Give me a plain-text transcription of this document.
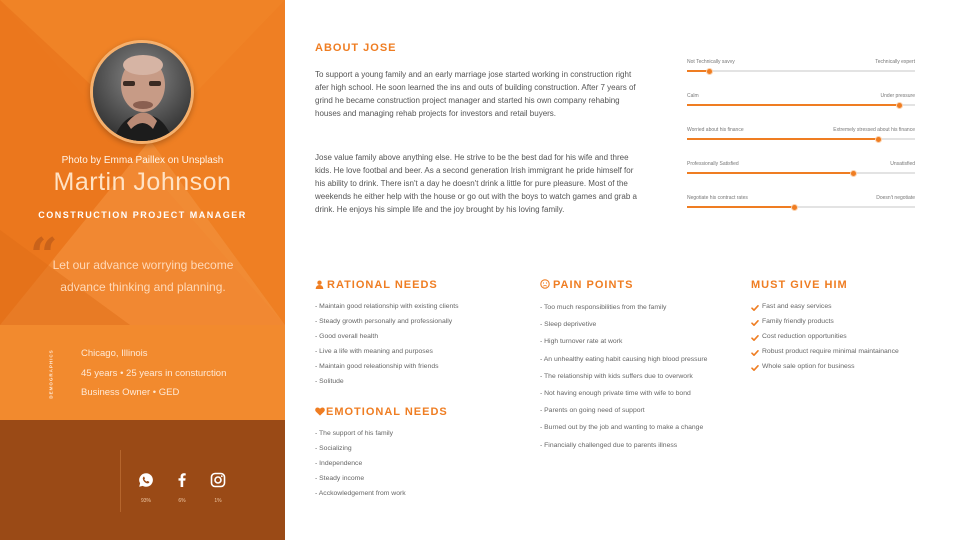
Photo by Emma Paillex on Unsplash
Martin Johnson
CONSTRUCTION PROJECT MANAGER
“
Let our advance worrying become advance thinking and planning.
DEMOGRAPHICS	Chicago, Illinois
45 years • 25 years in consturction
Business Owner • GED
93%	6%	1%
ABOUT JOSE
To support a young family and an early marriage jose started working in construction right afer high school. He soon learned the ins and outs of building construction. After 7 years of grind he became construction project manager and started his own company rehabing houses and managing rehab projects for investors and retail buyers.
Jose value family above anything else. He strive to be the best dad for his wife and three kids. He love footbal and beer. As a second generation Irish immigrant he pride himself for his ability to drink. There isn't a day he doesn't drink a little for pure pleasure. Most of the weekends he either help with the house or go out with the boys to watch games and grab a drink. He enjoys his simple life and the joy brought by his loving family.
Not Technically savvy	Technically expert
Calm	Under pressure
Worried about his finance	Extremely stressed about his finance
Professionally Satisfied	Unsatisfied
Negotiate his contract rates	Doesn't negotiate
RATIONAL NEEDS
- Maintain good relationship with existing clients
- Steady growth personally and professionally
- Good overall health
- Live a life with meaning and purposes
- Maintain good releationship with friends
- Solitude
EMOTIONAL NEEDS
- The support of his family
- Socializing
- Independence
- Steady income
- Acckowledgement from work
PAIN POINTS
- Too much responsibilities from the family
- Sleep deprivetive
- High turnover rate at work
- An unhealthy eating habit causing high blood pressure
- The relationship with kids suffers due to overwork
- Not having enough private time with wife to bond
- Parents on going need of support
- Burned out by the job and wanting to make a change
- Financially challenged due to parents illness
MUST GIVE HIM
Fast and easy services
Family friendly products
Cost reduction opportunities
Robust product require minimal maintainance
Whole sale option for business
